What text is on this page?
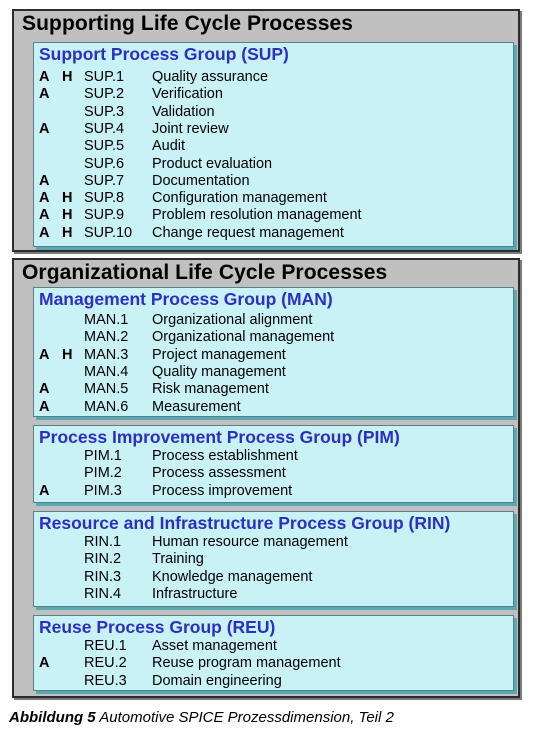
Supporting Life Cycle Processes
Support Process Group (SUP)
A H SUP.1 Quality assurance
A SUP.2 Verification
SUP.3 Validation
A SUP.4 Joint review
SUP.5 Audit
SUP.6 Product evaluation
A SUP.7 Documentation
A H SUP.8 Configuration management
A H SUP.9 Problem resolution management
A H SUP.10 Change request management
Organizational Life Cycle Processes
Management Process Group (MAN)
MAN.1 Organizational alignment
MAN.2 Organizational management
A H MAN.3 Project management
MAN.4 Quality management
A MAN.5 Risk management
A MAN.6 Measurement
Process Improvement Process Group (PIM)
PIM.1 Process establishment
PIM.2 Process assessment
A PIM.3 Process improvement
Resource and Infrastructure Process Group (RIN)
RIN.1 Human resource management
RIN.2 Training
RIN.3 Knowledge management
RIN.4 Infrastructure
Reuse Process Group (REU)
REU.1 Asset management
A REU.2 Reuse program management
REU.3 Domain engineering
Abbildung 5 Automotive SPICE Prozessdimension, Teil 2
